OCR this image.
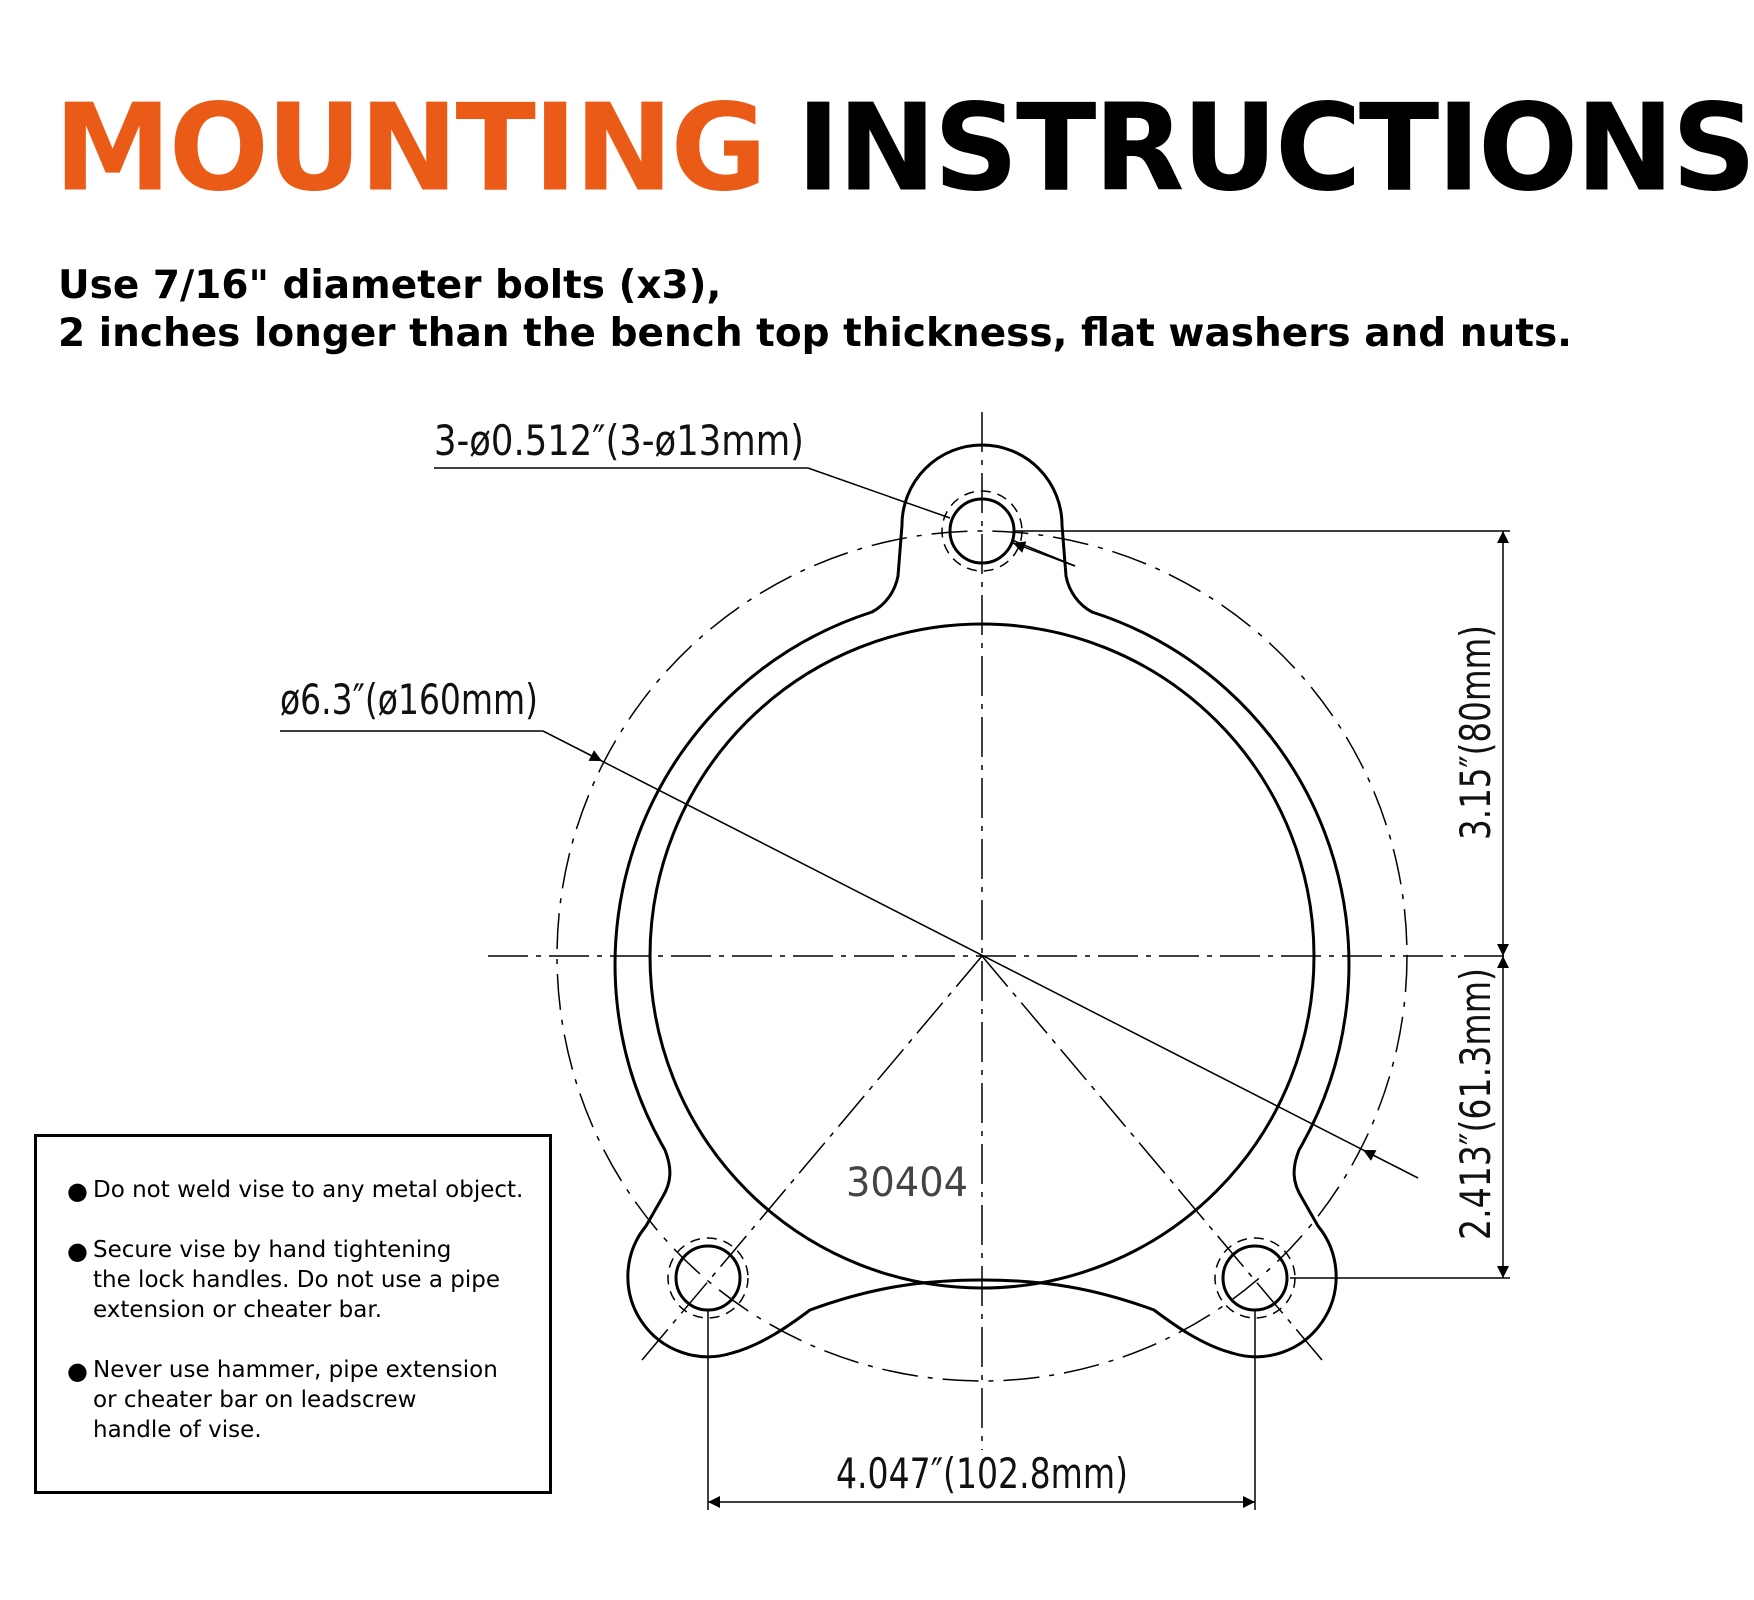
MOUNTING INSTRUCTIONS
Use 7/16" diameter bolts (x3),
2 inches longer than the bench top thickness, flat washers and nuts.
3-ø0.512″(3-ø13mm)
ø6.3″(ø160mm)	3.15″(80mm)
2.413″(61.3mm)
4.047″(102.8mm)
30404
● Do not weld vise to any metal object.
● Secure vise by hand tightening
the lock handles. Do not use a pipe
extension or cheater bar.
● Never use hammer, pipe extension
or cheater bar on leadscrew
handle of vise.
